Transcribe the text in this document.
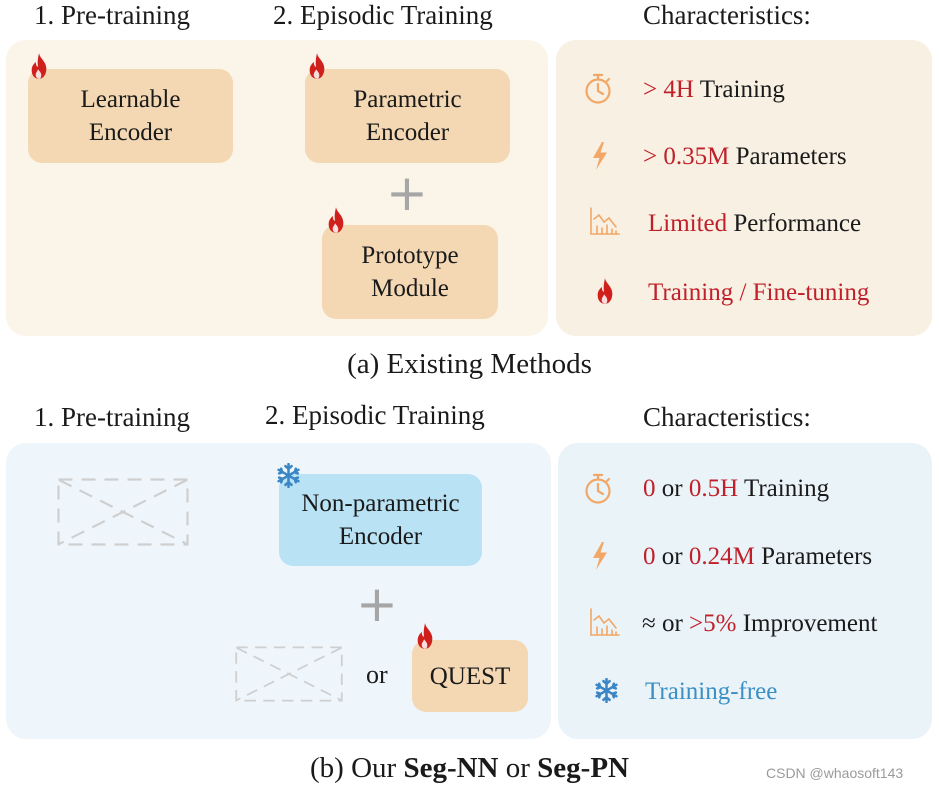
1. Pre-training	2. Episodic Training	Characteristics:
Learnable
Encoder
Parametric
Encoder
+
Prototype
Module
> 4H Training
> 0.35M Parameters
Limited Performance
Training / Fine-tuning
(a) Existing Methods
1. Pre-training	2. Episodic Training	Characteristics:
Non-parametric
Encoder
+
or QUEST
0 or 0.5H Training
0 or 0.24M Parameters
≈ or >5% Improvement
Training-free
(b) Our Seg-NN or Seg-PN	CSDN @whaosoft143
